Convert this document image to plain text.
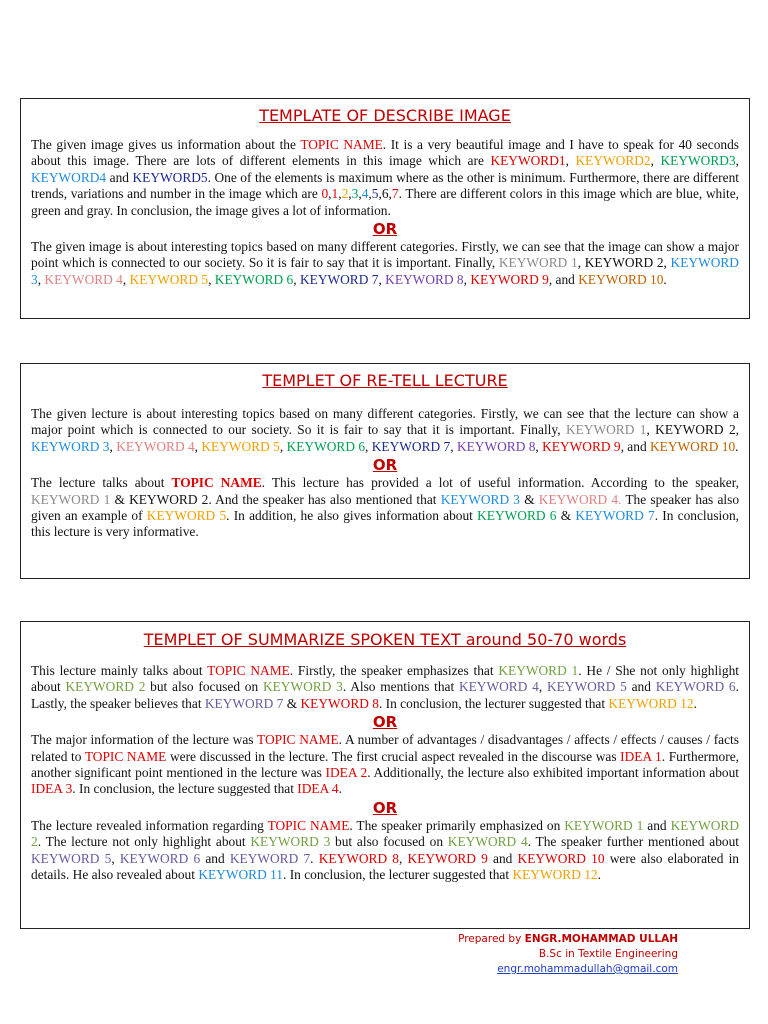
TEMPLATE OF DESCRIBE IMAGE

The given image gives us information about the TOPIC NAME. It is a very beautiful image and I have to speak for 40 seconds about this image. There are lots of different elements in this image which are KEYWORD1, KEYWORD2, KEYWORD3, KEYWORD4 and KEYWORD5. One of the elements is maximum where as the other is minimum. Furthermore, there are different trends, variations and number in the image which are 0,1,2,3,4,5,6,7. There are different colors in this image which are blue, white, green and gray. In conclusion, the image gives a lot of information.

OR

The given image is about interesting topics based on many different categories. Firstly, we can see that the image can show a major point which is connected to our society. So it is fair to say that it is important. Finally, KEYWORD 1, KEYWORD 2, KEYWORD 3, KEYWORD 4, KEYWORD 5, KEYWORD 6, KEYWORD 7, KEYWORD 8, KEYWORD 9, and KEYWORD 10.

TEMPLET OF RE-TELL LECTURE

The given lecture is about interesting topics based on many different categories. Firstly, we can see that the lecture can show a major point which is connected to our society. So it is fair to say that it is important. Finally, KEYWORD 1, KEYWORD 2, KEYWORD 3, KEYWORD 4, KEYWORD 5, KEYWORD 6, KEYWORD 7, KEYWORD 8, KEYWORD 9, and KEYWORD 10.

OR

The lecture talks about TOPIC NAME. This lecture has provided a lot of useful information. According to the speaker, KEYWORD 1 & KEYWORD 2. And the speaker has also mentioned that KEYWORD 3 & KEYWORD 4. The speaker has also given an example of KEYWORD 5. In addition, he also gives information about KEYWORD 6 & KEYWORD 7. In conclusion, this lecture is very informative.

TEMPLET OF SUMMARIZE SPOKEN TEXT around 50-70 words

This lecture mainly talks about TOPIC NAME. Firstly, the speaker emphasizes that KEYWORD 1. He / She not only highlight about KEYWORD 2 but also focused on KEYWORD 3. Also mentions that KEYWORD 4, KEYWORD 5 and KEYWORD 6. Lastly, the speaker believes that KEYWORD 7 & KEYWORD 8. In conclusion, the lecturer suggested that KEYWORD 12.

OR

The major information of the lecture was TOPIC NAME. A number of advantages / disadvantages / affects / effects / causes / facts related to TOPIC NAME were discussed in the lecture. The first crucial aspect revealed in the discourse was IDEA 1. Furthermore, another significant point mentioned in the lecture was IDEA 2. Additionally, the lecture also exhibited important information about IDEA 3. In conclusion, the lecture suggested that IDEA 4.

OR

The lecture revealed information regarding TOPIC NAME. The speaker primarily emphasized on KEYWORD 1 and KEYWORD 2. The lecture not only highlight about KEYWORD 3 but also focused on KEYWORD 4. The speaker further mentioned about KEYWORD 5, KEYWORD 6 and KEYWORD 7. KEYWORD 8, KEYWORD 9 and KEYWORD 10 were also elaborated in details. He also revealed about KEYWORD 11. In conclusion, the lecturer suggested that KEYWORD 12.

Prepared by ENGR.MOHAMMAD ULLAH
B.Sc in Textile Engineering
engr.mohammadullah@gmail.com
